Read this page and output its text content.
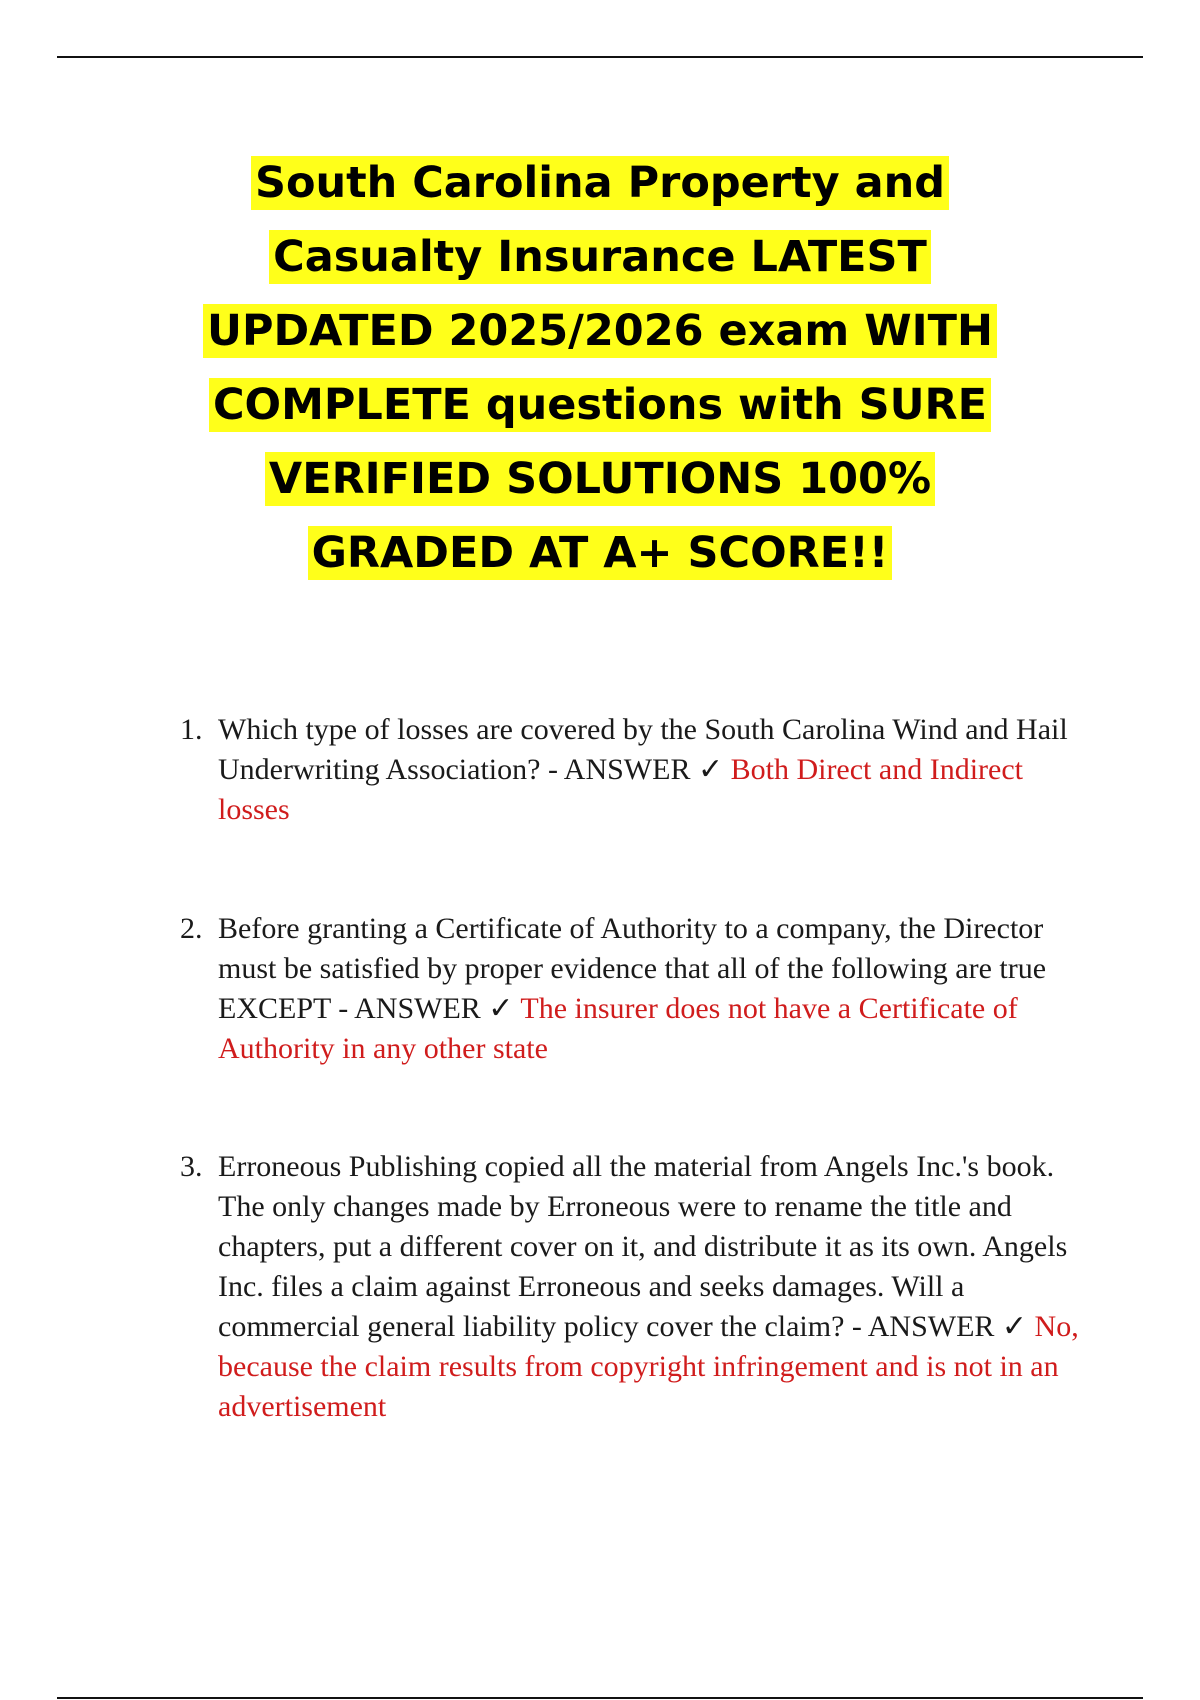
South Carolina Property and
Casualty Insurance LATEST
UPDATED 2025/2026 exam WITH
COMPLETE questions with SURE
VERIFIED SOLUTIONS 100%
GRADED AT A+ SCORE!!
1. Which type of losses are covered by the South Carolina Wind and Hail Underwriting Association? - ANSWER ✓ Both Direct and Indirect losses
2. Before granting a Certificate of Authority to a company, the Director must be satisfied by proper evidence that all of the following are true EXCEPT - ANSWER ✓ The insurer does not have a Certificate of Authority in any other state
3. Erroneous Publishing copied all the material from Angels Inc.'s book. The only changes made by Erroneous were to rename the title and chapters, put a different cover on it, and distribute it as its own. Angels Inc. files a claim against Erroneous and seeks damages. Will a commercial general liability policy cover the claim? - ANSWER ✓ No, because the claim results from copyright infringement and is not in an advertisement
